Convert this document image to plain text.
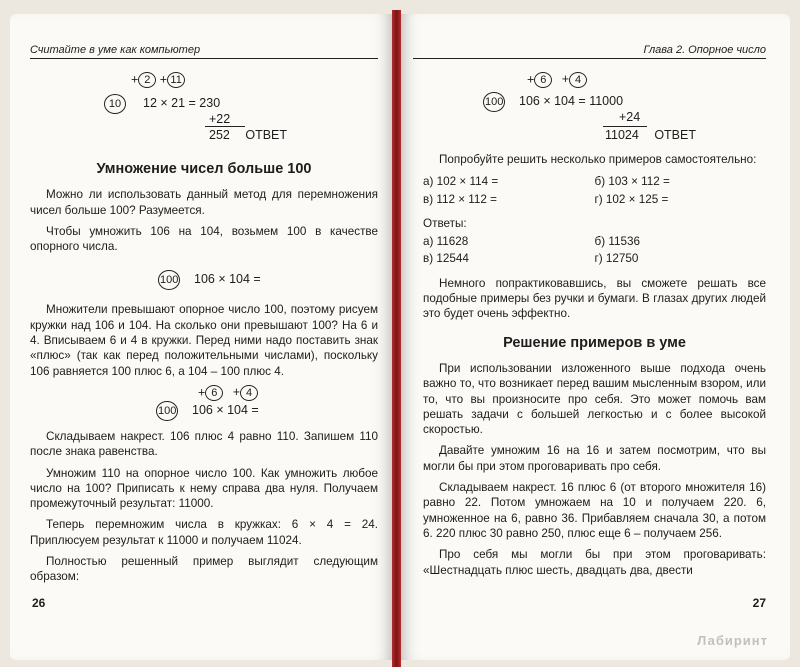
Считайте в уме как компьютер
+ 2 + 11
10	12 × 21 = 230
+22
252 ОТВЕТ
Умножение чисел больше 100

Можно ли использовать данный метод для перемножения чисел больше 100? Разумеется.

Чтобы умножить 106 на 104, возьмем 100 в качестве опорного числа.

100 106 × 104 =

Множители превышают опорное число 100, поэтому рисуем кружки над 106 и 104. На сколько они превышают 100? На 6 и 4. Вписываем 6 и 4 в кружки. Перед ними надо поставить знак «плюс» (так как перед положительными числами), поскольку 106 равняется 100 плюс 6, а 104 – 100 плюс 4.

+ 6 + 4
100 106 × 104 =

Складываем накрест. 106 плюс 4 равно 110. Запишем 110 после знака равенства.

Умножим 110 на опорное число 100. Как умножить любое число на 100? Приписать к нему справа два нуля. Получаем промежуточный результат: 11000.

Теперь перемножим числа в кружках: 6 × 4 = 24. Приплюсуем результат к 11000 и получаем 11024.

Полностью решенный пример выглядит следующим образом:

26
Глава 2. Опорное число
+ 6 + 4
100 106 × 104 = 11000
+24
11024 ОТВЕТ

Попробуйте решить несколько примеров самостоятельно:

а) 102 × 114 =	б) 103 × 112 =
в) 112 × 112 =	г) 102 × 125 =

Ответы:

а) 11628	б) 11536
в) 12544	г) 12750

Немного попрактиковавшись, вы сможете решать все подобные примеры без ручки и бумаги. В глазах других людей это будет очень эффектно.

Решение примеров в уме

При использовании изложенного выше подхода очень важно то, что возникает перед вашим мысленным взором, или то, что вы произносите про себя. Это может помочь вам решать задачи с большей легкостью и с более высокой скоростью.

Давайте умножим 16 на 16 и затем посмотрим, что вы могли бы при этом проговаривать про себя.

Складываем накрест. 16 плюс 6 (от второго множителя 16) равно 22. Потом умножаем на 10 и получаем 220. 6, умноженное на 6, равно 36. Прибавляем сначала 30, а потом 6. 220 плюс 30 равно 250, плюс еще 6 – получаем 256.

Про себя мы могли бы при этом проговаривать: «Шестнадцать плюс шесть, двадцать два, двести

27
Лабиринт
